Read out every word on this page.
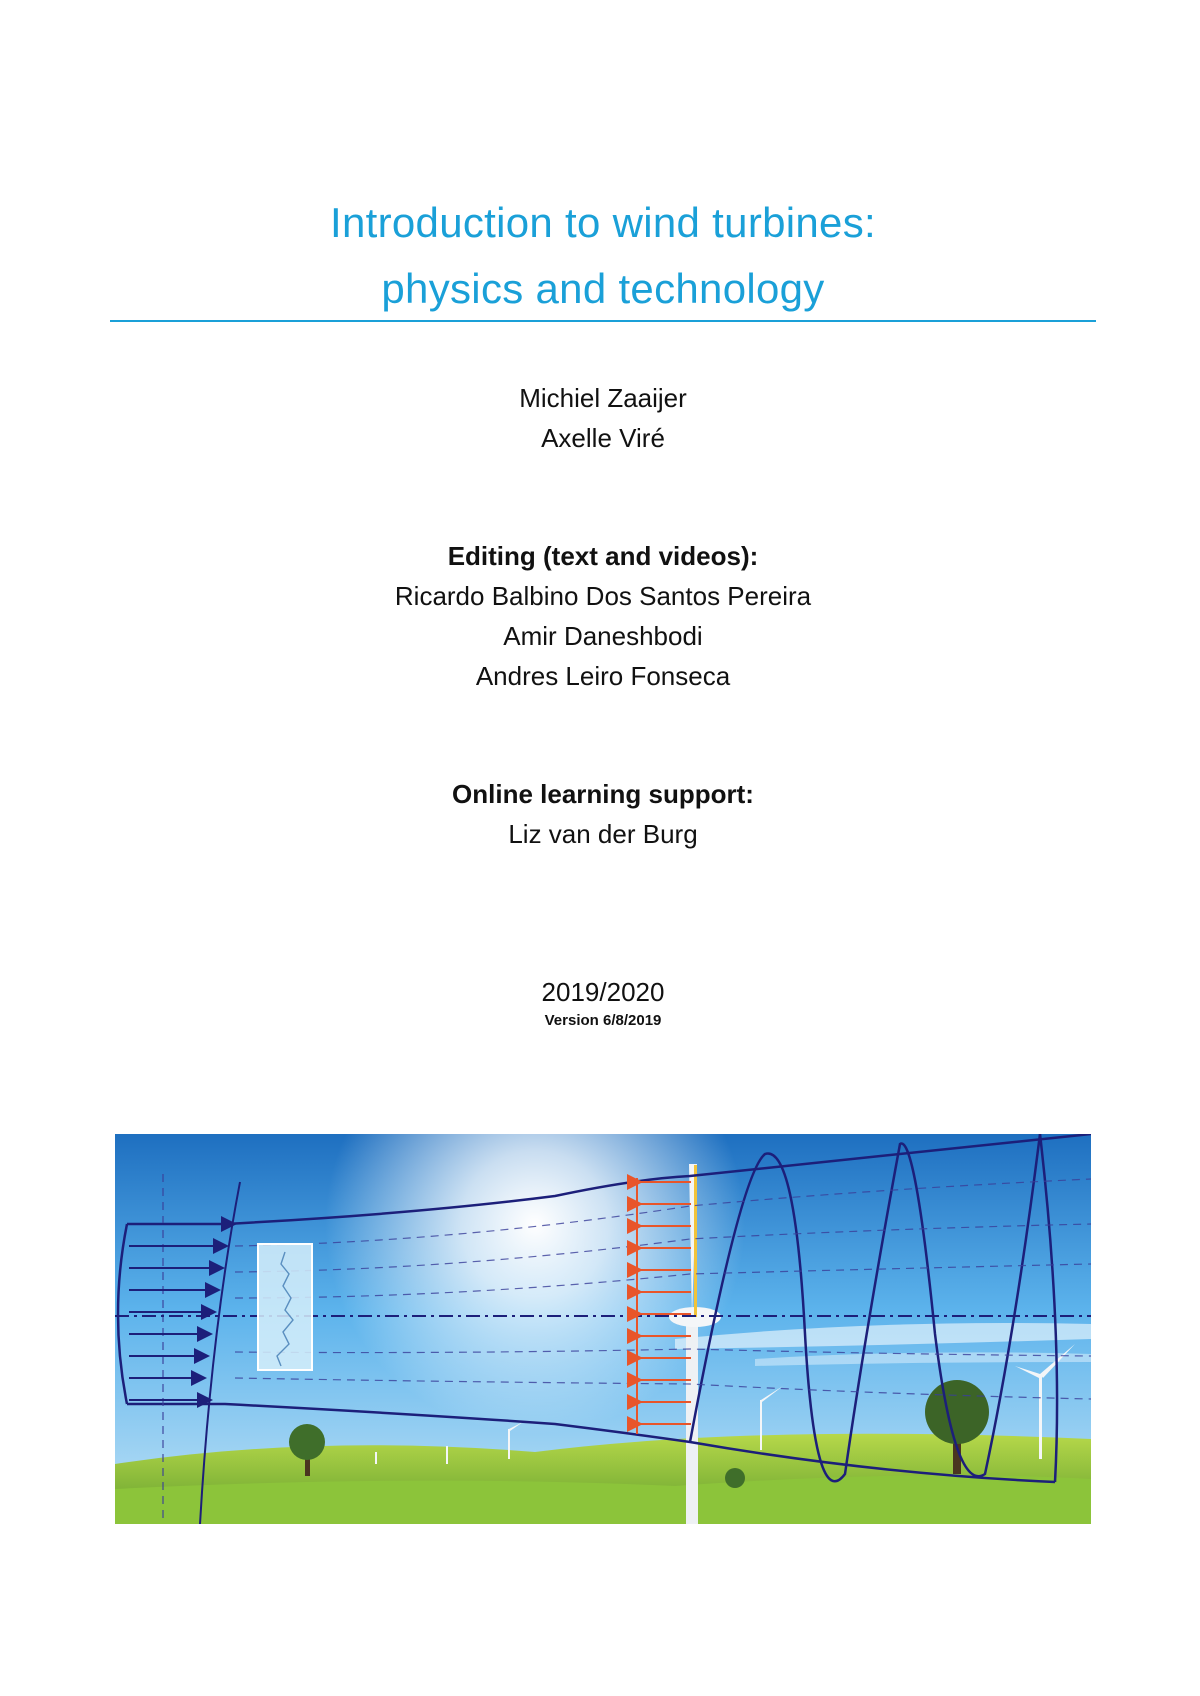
Introduction to wind turbines:
physics and technology
Michiel Zaaijer
Axelle Viré
Editing (text and videos):
Ricardo Balbino Dos Santos Pereira
Amir Daneshbodi
Andres Leiro Fonseca
Online learning support:
Liz van der Burg
2019/2020
Version 6/8/2019
